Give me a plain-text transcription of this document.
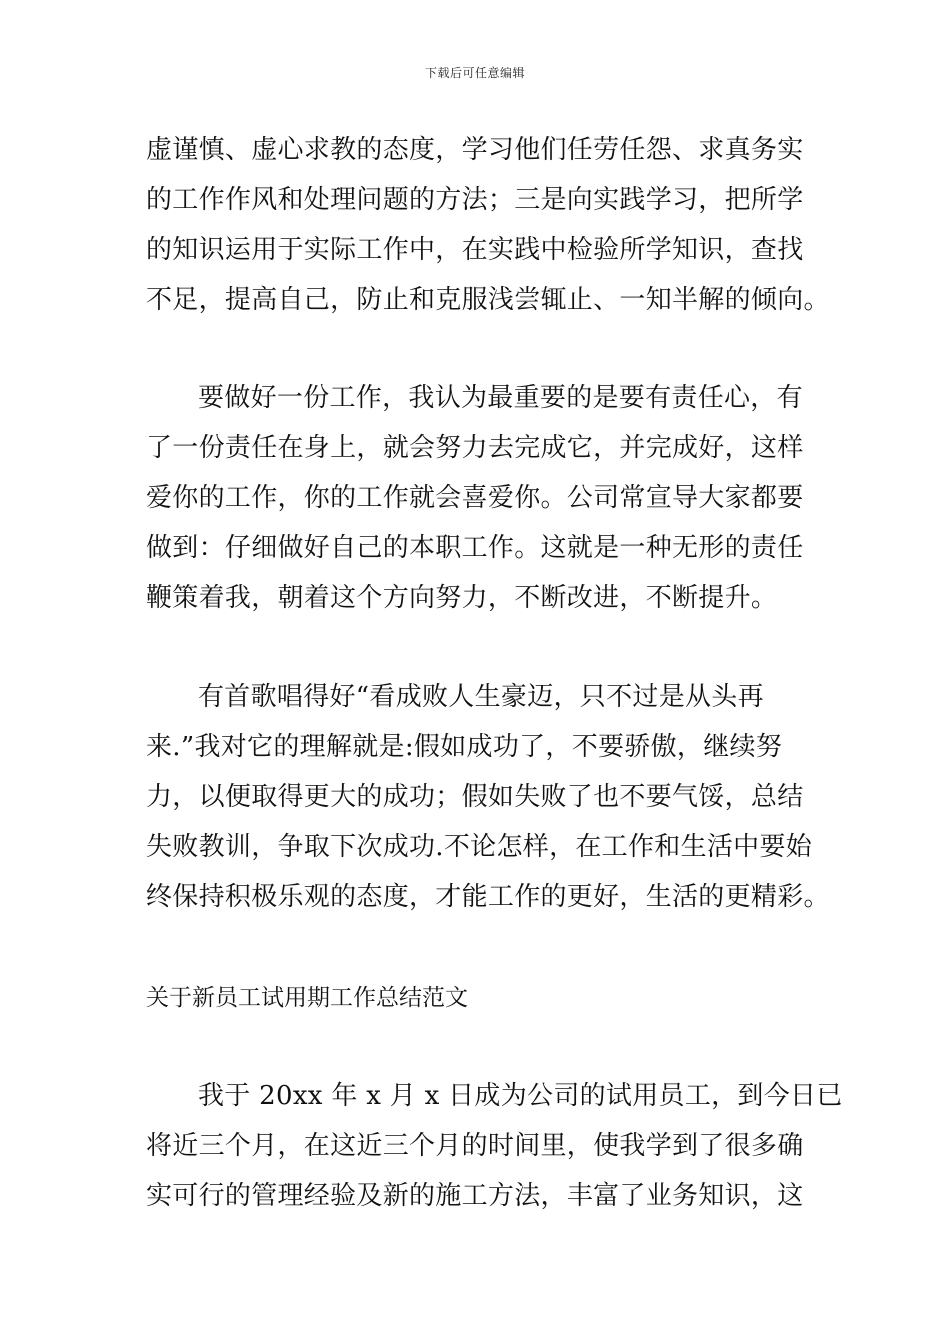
下载后可任意编辑
虚谨慎、虚心求教的态度，学习他们任劳任怨、求真务实
的工作作风和处理问题的方法；三是向实践学习，把所学
的知识运用于实际工作中，在实践中检验所学知识，查找
不足，提高自己，防止和克服浅尝辄止、一知半解的倾向。
要做好一份工作，我认为最重要的是要有责任心，有
了一份责任在身上，就会努力去完成它，并完成好，这样
爱你的工作，你的工作就会喜爱你。公司常宣导大家都要
做到：仔细做好自己的本职工作。这就是一种无形的责任
鞭策着我，朝着这个方向努力，不断改进，不断提升。
有首歌唱得好“看成败人生豪迈，只不过是从头再
来.”我对它的理解就是:假如成功了，不要骄傲，继续努
力，以便取得更大的成功；假如失败了也不要气馁，总结
失败教训，争取下次成功.不论怎样，在工作和生活中要始
终保持积极乐观的态度，才能工作的更好，生活的更精彩。
关于新员工试用期工作总结范文
我于 20xx 年 x 月 x 日成为公司的试用员工，到今日已
将近三个月，在这近三个月的时间里，使我学到了很多确
实可行的管理经验及新的施工方法，丰富了业务知识，这
